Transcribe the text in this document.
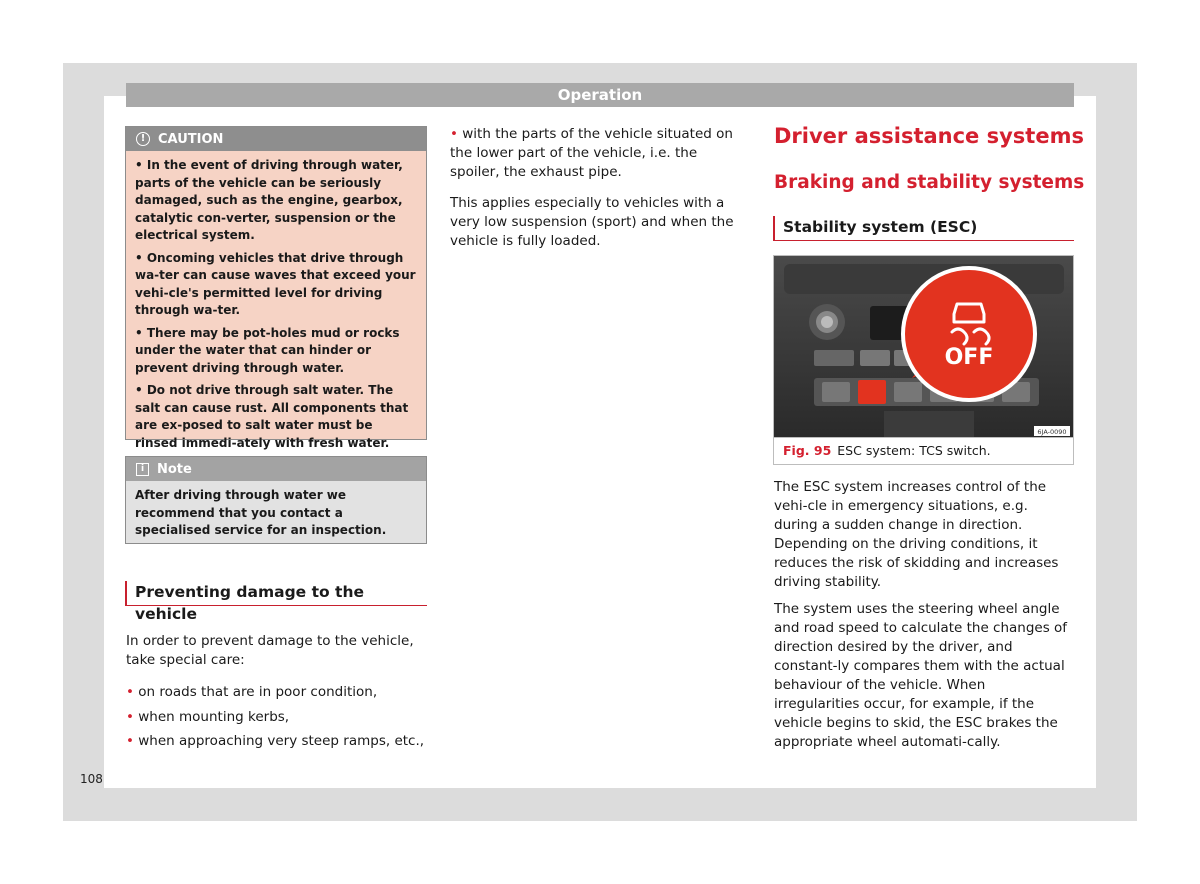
Operation
! CAUTION
• In the event of driving through water, parts of the vehicle can be seriously damaged, such as the engine, gearbox, catalytic con-verter, suspension or the electrical system.
• Oncoming vehicles that drive through wa-ter can cause waves that exceed your vehi-cle's permitted level for driving through wa-ter.
• There may be pot-holes mud or rocks under the water that can hinder or prevent driving through water.
• Do not drive through salt water. The salt can cause rust. All components that are ex-posed to salt water must be rinsed immedi-ately with fresh water.
i Note
After driving through water we recommend that you contact a specialised service for an inspection.
Preventing damage to the vehicle

In order to prevent damage to the vehicle, take special care:

• on roads that are in poor condition,
• when mounting kerbs,
• when approaching very steep ramps, etc.,

• with the parts of the vehicle situated on the lower part of the vehicle, i.e. the spoiler, the exhaust pipe.

This applies especially to vehicles with a very low suspension (sport) and when the vehicle is fully loaded.

Driver assistance systems
Braking and stability systems
Stability system (ESC)
OFF
6JA-0090
Fig. 95 ESC system: TCS switch.

The ESC system increases control of the vehi-cle in emergency situations, e.g. during a sudden change in direction. Depending on the driving conditions, it reduces the risk of skidding and increases driving stability.

The system uses the steering wheel angle and road speed to calculate the changes of direction desired by the driver, and constant-ly compares them with the actual behaviour of the vehicle. When irregularities occur, for example, if the vehicle begins to skid, the ESC brakes the appropriate wheel automati-cally.

108
